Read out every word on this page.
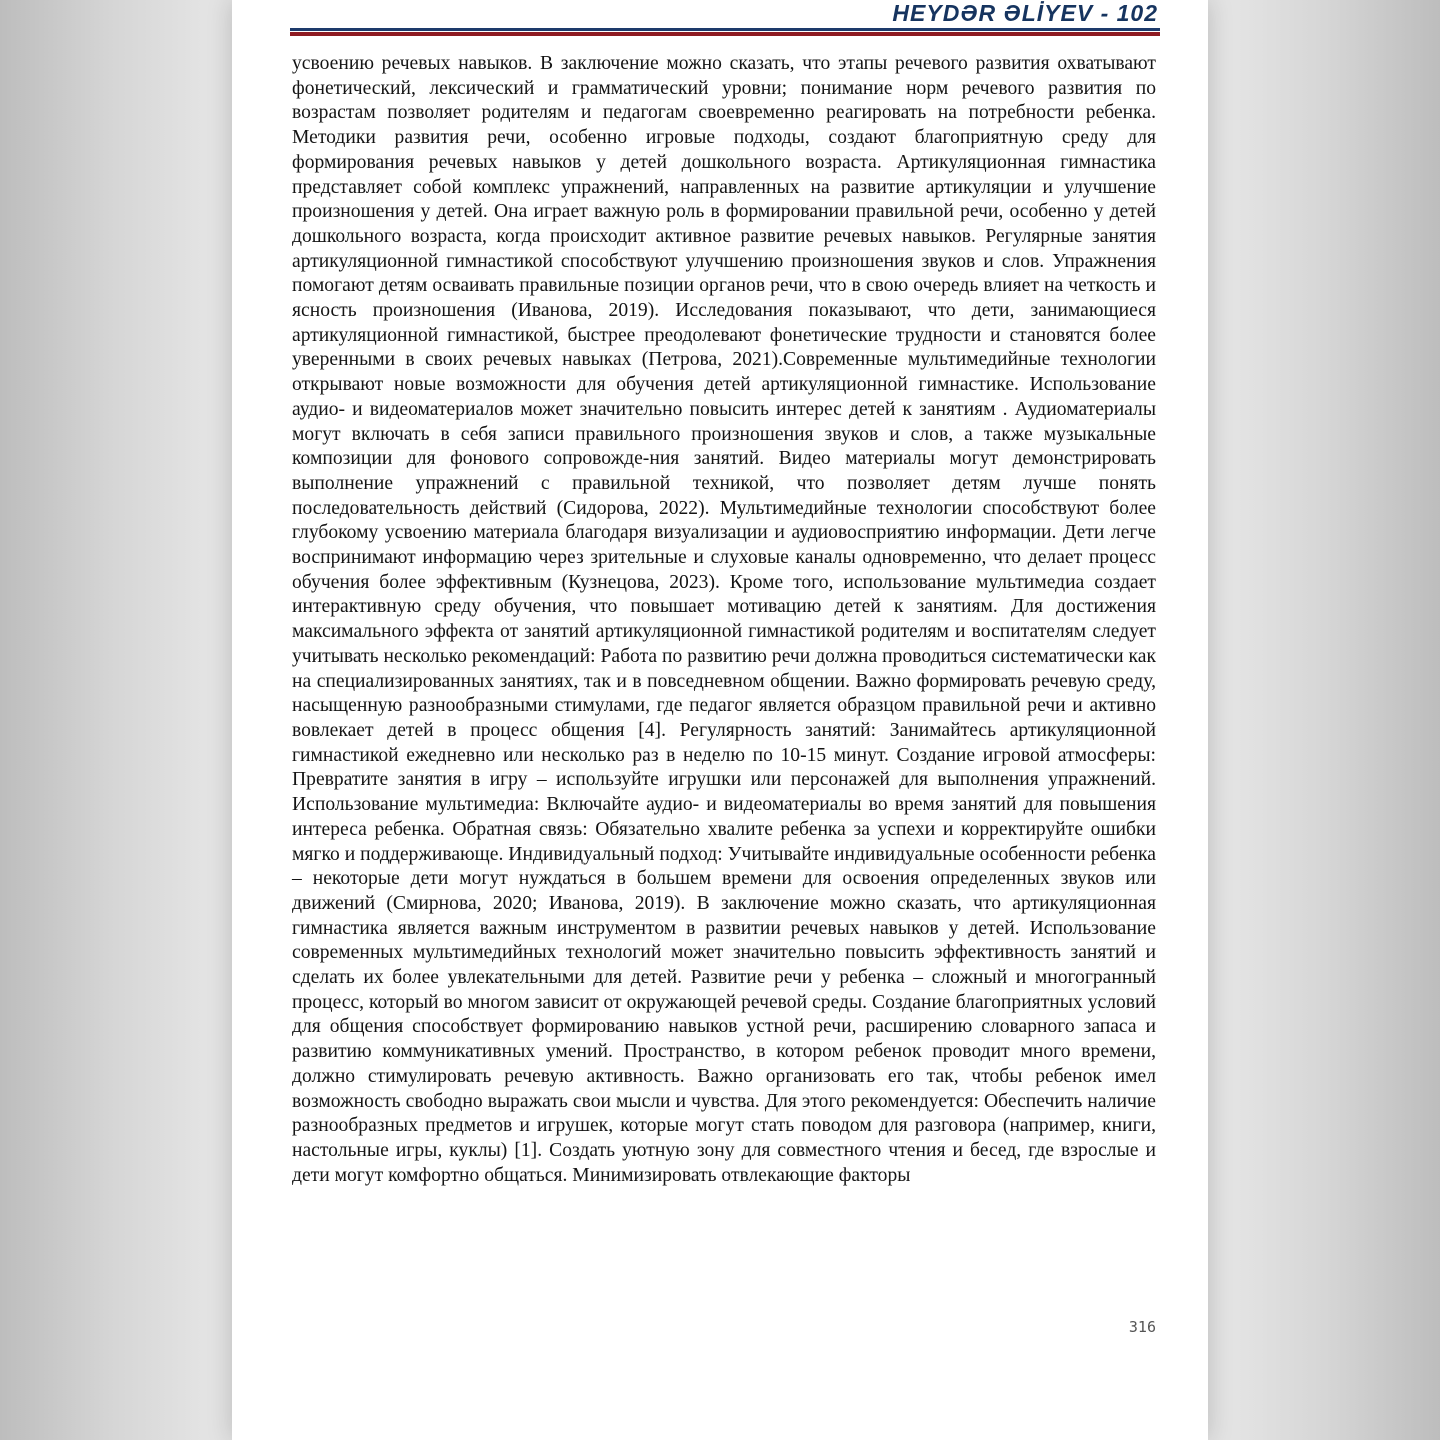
HEYDƏR ƏLİYEV - 102

усвоению речевых навыков. В заключение можно сказать, что этапы речевого развития охватывают фонетический, лексический и грамматический уровни; понимание норм речевого развития по возрастам позволяет родителям и педагогам своевременно реагировать на потребности ребенка. Методики развития речи, особенно игровые подходы, создают благоприятную среду для формирования речевых навыков у детей дошкольного возраста. Артикуляционная гимнастика представляет собой комплекс упражнений, направленных на развитие артикуляции и улучшение произношения у детей. Она играет важную роль в формировании правильной речи, особенно у детей дошкольного возраста, когда происходит активное развитие речевых навыков. Регулярные занятия артикуляционной гимнастикой способствуют улучшению произношения звуков и слов. Упражнения помогают детям осваивать правильные позиции органов речи, что в свою очередь влияет на четкость и ясность произношения (Иванова, 2019). Исследования показывают, что дети, занимающиеся артикуляционной гимнастикой, быстрее преодолевают фонетические трудности и становятся более уверенными в своих речевых навыках (Петрова, 2021).Современные мультимедийные технологии открывают новые возможности для обучения детей артикуляционной гимнастике. Использование аудио- и видеоматериалов может значительно повысить интерес детей к занятиям . Аудиоматериалы могут включать в себя записи правильного произношения звуков и слов, а также музыкальные композиции для фонового сопровожде-ния занятий. Видео материалы могут демонстрировать выполнение упражнений с правильной техникой, что позволяет детям лучше понять последовательность действий (Сидорова, 2022). Мультимедийные технологии способствуют более глубокому усвоению материала благодаря визуализации и аудиовосприятию информации. Дети легче воспринимают информацию через зрительные и слуховые каналы одновременно, что делает процесс обучения более эффективным (Кузнецова, 2023). Кроме того, использование мультимедиа создает интерактивную среду обучения, что повышает мотивацию детей к занятиям. Для достижения максимального эффекта от занятий артикуляционной гимнастикой родителям и воспитателям следует учитывать несколько рекомендаций: Работа по развитию речи должна проводиться систематически как на специализированных занятиях, так и в повседневном общении. Важно формировать речевую среду, насыщенную разнообразными стимулами, где педагог является образцом правильной речи и активно вовлекает детей в процесс общения [4]. Регулярность занятий: Занимайтесь артикуляционной гимнастикой ежедневно или несколько раз в неделю по 10-15 минут. Создание игровой атмосферы: Превратите занятия в игру – используйте игрушки или персонажей для выполнения упражнений. Использование мультимедиа: Включайте аудио- и видеоматериалы во время занятий для повышения интереса ребенка. Обратная связь: Обязательно хвалите ребенка за успехи и корректируйте ошибки мягко и поддерживающе. Индивидуальный подход: Учитывайте индивидуальные особенности ребенка – некоторые дети могут нуждаться в большем времени для освоения определенных звуков или движений (Смирнова, 2020; Иванова, 2019). В заключение можно сказать, что артикуляционная гимнастика является важным инструментом в развитии речевых навыков у детей. Использование современных мультимедийных технологий может значительно повысить эффективность занятий и сделать их более увлекательными для детей. Развитие речи у ребенка – сложный и многогранный процесс, который во многом зависит от окружающей речевой среды. Создание благоприятных условий для общения способствует формированию навыков устной речи, расширению словарного запаса и развитию коммуникативных умений. Пространство, в котором ребенок проводит много времени, должно стимулировать речевую активность. Важно организовать его так, чтобы ребенок имел возможность свободно выражать свои мысли и чувства. Для этого рекомендуется: Обеспечить наличие разнообразных предметов и игрушек, которые могут стать поводом для разговора (например, книги, настольные игры, куклы) [1]. Создать уютную зону для совместного чтения и бесед, где взрослые и дети могут комфортно общаться. Минимизировать отвлекающие факторы

316
